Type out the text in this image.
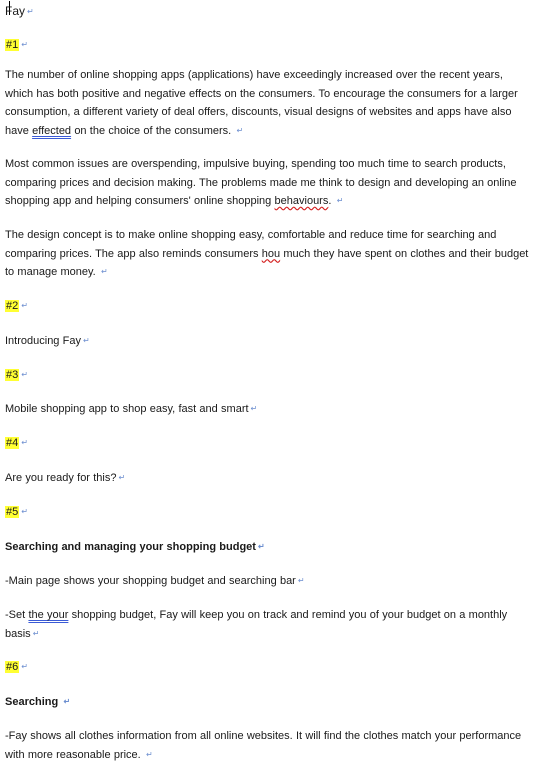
Fay ↵

#1 ↵

The number of online shopping apps (applications) have exceedingly increased over the recent years, which has both positive and negative effects on the consumers. To encourage the consumers for a larger consumption, a different variety of deal offers, discounts, visual designs of websites and apps have also have effected on the choice of the consumers. ↵

Most common issues are overspending, impulsive buying, spending too much time to search products, comparing prices and decision making. The problems made me think to design and developing an online shopping app and helping consumers' online shopping behaviours. ↵

The design concept is to make online shopping easy, comfortable and reduce time for searching and comparing prices. The app also reminds consumers hou much they have spent on clothes and their budget to manage money. ↵

#2 ↵

Introducing Fay ↵

#3 ↵

Mobile shopping app to shop easy, fast and smart ↵

#4 ↵

Are you ready for this? ↵

#5 ↵

Searching and managing your shopping budget ↵

-Main page shows your shopping budget and searching bar ↵

-Set the your shopping budget, Fay will keep you on track and remind you of your budget on a monthly basis ↵

#6 ↵

Searching ↵

-Fay shows all clothes information from all online websites. It will find the clothes match your performance with more reasonable price. ↵
